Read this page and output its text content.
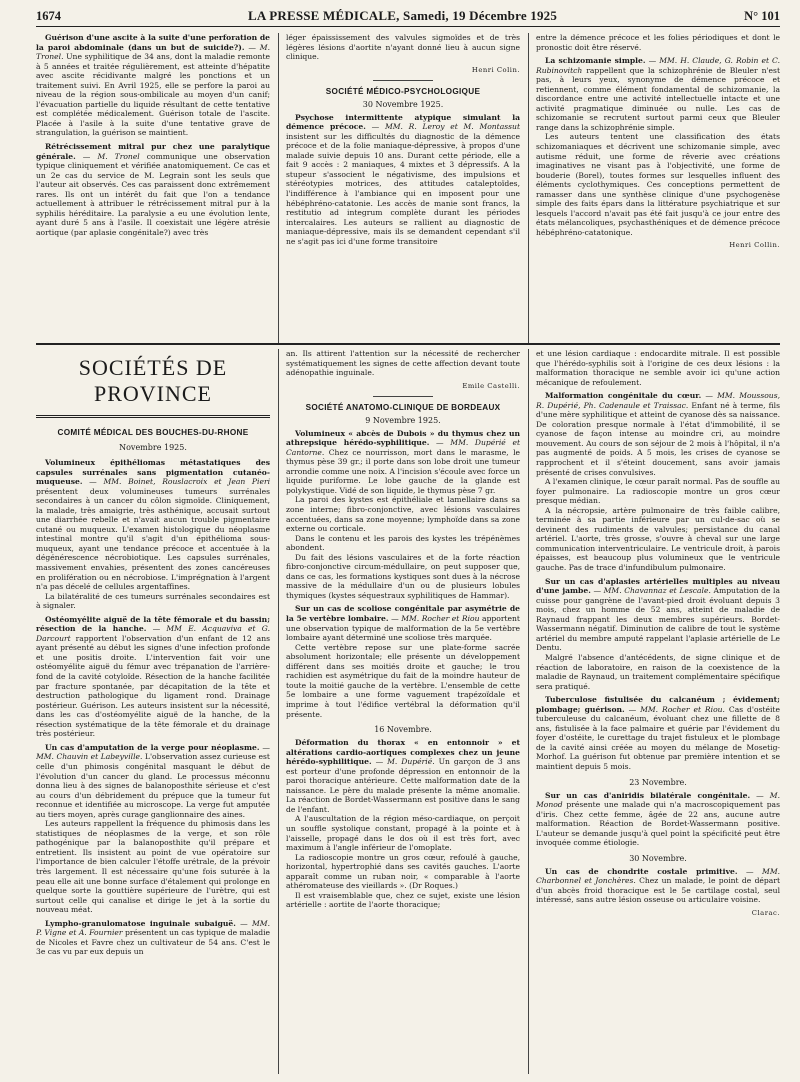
1674	LA PRESSE MÉDICALE, Samedi, 19 Décembre 1925	N° 101

Guérison d'une ascite à la suite d'une perforation de la paroi abdominale (dans un but de suicide?). — M. Tronel. Une syphilitique de 34 ans, dont la maladie remonte à 5 années et traitée régulièrement, est atteinte d'hépatite avec ascite récidivante malgré les ponctions et un traitement suivi. En Avril 1925, elle se perfore la paroi au niveau de la région sous-ombilicale au moyen d'un canif; l'évacuation partielle du liquide résultant de cette tentative est complétée médicalement. Guérison totale de l'ascite. Placée à l'asile à la suite d'une tentative grave de strangulation, la guérison se maintient.

Rétrécissement mitral pur chez une paralytique générale. — M. Tronel communique une observation typique cliniquement et vérifiée anatomiquement. Ce cas et un 2e cas du service de M. Legrain sont les seuls que l'auteur ait observés. Ces cas paraissent donc extrêmement rares. Ils ont un intérêt du fait que l'on a tendance actuellement à attribuer le rétrécissement mitral pur à la syphilis héréditaire. La paralysie a eu une évolution lente, ayant duré 5 ans à l'asile. Il coexistait une légère atrésie aortique (par aplasie congénitale?) avec très

léger épaississement des valvules sigmoïdes et de très légères lésions d'aortite n'ayant donné lieu à aucun signe clinique.

Henri Colin.
SOCIÉTÉ MÉDICO-PSYCHOLOGIQUE
30 Novembre 1925.

Psychose intermittente atypique simulant la démence précoce. — MM. R. Leroy et M. Montassut insistent sur les difficultés du diagnostic de la démence précoce et de la folie maniaque-dépressive, à propos d'une malade suivie depuis 10 ans. Durant cette période, elle a fait 9 accès : 2 maniaques, 4 mixtes et 3 dépressifs. A la stupeur s'associent le négativisme, des impulsions et stéréotypies motrices, des attitudes cataleptoïdes, l'indifférence à l'ambiance qui en imposent pour une hébéphréno-catatonie. Les accès de manie sont francs, la restitutio ad integrum complète durant les périodes intercalaires. Les auteurs se rallient au diagnostic de maniaque-dépressive, mais ils se demandent cependant s'il ne s'agit pas ici d'une forme transitoire

entre la démence précoce et les folies périodiques et dont le pronostic doit être réservé.

La schizomanie simple. — MM. H. Claude, G. Robin et C. Rubinovitch rappellent que la schizophrénie de Bleuler n'est pas, à leurs yeux, synonyme de démence précoce et retiennent, comme élément fondamental de schizomanie, la discordance entre une activité intellectuelle intacte et une activité pragmatique diminuée ou nulle. Les cas de schizomanie se recrutent surtout parmi ceux que Bleuler range dans la schizophrénie simple.

Les auteurs tentent une classification des états schizomaniaques et décrivent une schizomanie simple, avec autisme réduit, une forme de rêverie avec créations imaginatives ne visant pas à l'objectivité, une forme de bouderie (Borel), toutes formes sur lesquelles influent des éléments cyclothymiques. Ces conceptions permettent de ramasser dans une synthèse clinique d'une psychogenèse simple des faits épars dans la littérature psychiatrique et sur lesquels l'accord n'avait pas été fait jusqu'à ce jour entre des états mélancoliques, psychasthéniques et de démence précoce hébéphréno-catatonique.

Henri Collin.
SOCIÉTÉS DE PROVINCE
COMITÉ MÉDICAL DES BOUCHES-DU-RHONE
Novembre 1925.

Volumineux épithéliomas métastatiques des capsules surrénales sans pigmentation cutanéo-muqueuse. — MM. Boinet, Rouslacroix et Jean Pieri présentent deux volumineuses tumeurs surrénales secondaires à un cancer du côlon sigmoïde. Cliniquement, la malade, très amaigrie, très asthénique, accusait surtout une diarrhée rebelle et n'avait aucun trouble pigmentaire cutané ou muqueux. L'examen histologique du néoplasme intestinal montre qu'il s'agit d'un épithélioma sous-muqueux, ayant une tendance précoce et accentuée à la dégénérescence nécrobiotique. Les capsules surrénales, massivement envahies, présentent des zones cancéreuses en prolifération ou en nécrobiose. L'imprégnation à l'argent n'a pas décelé de cellules argentaffines.

La bilatéralité de ces tumeurs surrénales secondaires est à signaler.

Ostéomyélite aiguë de la tête fémorale et du bassin; résection de la hanche. — MM E. Acquaviva et G. Darcourt rapportent l'observation d'un enfant de 12 ans ayant présenté au début les signes d'une infection profonde et une positis droite. L'intervention fait voir une ostéomyélite aiguë du fémur avec trépanation de l'arrière-fond de la cavité cotyloïde. Résection de la hanche facilitée par fracture spontanée, par décapitation de la tête et destruction pathologique du ligament rond. Drainage postérieur. Guérison. Les auteurs insistent sur la nécessité, dans les cas d'ostéomyélite aiguë de la hanche, de la résection systématique de la tête fémorale et du drainage très postérieur.

Un cas d'amputation de la verge pour néoplasme. — MM. Chauvin et Labeyville. L'observation assez curieuse est celle d'un phimosis congénital masquant le début de l'évolution d'un cancer du gland. Le processus méconnu donna lieu à des signes de balanoposthite sérieuse et c'est au cours d'un débridement du prépuce que la tumeur fut reconnue et identifiée au microscope. La verge fut amputée au tiers moyen, après curage ganglionnaire des aines.

Les auteurs rappellent la fréquence du phimosis dans les statistiques de néoplasmes de la verge, et son rôle pathogénique par la balanoposthite qu'il prépare et entretient. Ils insistent au point de vue opératoire sur l'importance de bien calculer l'étoffe urétrale, de la prévoir très largement. Il est nécessaire qu'une fois suturée à la peau elle ait une bonne surface d'étalement qui prolonge en quelque sorte la gouttière supérieure de l'urètre, qui est surtout celle qui canalise et dirige le jet à la sortie du nouveau méat.

Lympho-granulomatose inguinale subaiguë. — MM. P. Vigne et A. Fournier présentent un cas typique de maladie de Nicoles et Favre chez un cultivateur de 54 ans. C'est le 3e cas vu par eux depuis un

an. Ils attirent l'attention sur la nécessité de rechercher systématiquement les signes de cette affection devant toute adénopathie inguinale.

Emile Castelli.
SOCIÉTÉ ANATOMO-CLINIQUE DE BORDEAUX
9 Novembre 1925.

Volumineux « abcès de Dubois » du thymus chez un athrepsique hérédo-syphilitique. — MM. Dupérié et Cantorne. Chez ce nourrisson, mort dans le marasme, le thymus pèse 39 gr.; il porte dans son lobe droit une tumeur arrondie comme une noix. A l'incision s'écoule avec force un liquide puriforme. Le lobe gauche de la glande est polykystique. Vidé de son liquide, le thymus pèse 7 gr.

La paroi des kystes est épithéliale et lamellaire dans sa zone interne; fibro-conjonctive, avec lésions vasculaires accentuées, dans sa zone moyenne; lymphoïde dans sa zone externe ou corticale.

Dans le contenu et les parois des kystes les trépénèmes abondent.

Du fait des lésions vasculaires et de la forte réaction fibro-conjonctive circum-médullaire, on peut supposer que, dans ce cas, les formations kystiques sont dues à la nécrose massive de la médullaire d'un ou de plusieurs lobules thymiques (kystes séquestraux syphilitiques de Hammar).

Sur un cas de scoliose congénitale par asymétrie de la 5e vertèbre lombaire. — MM. Rocher et Riou apportent une observation typique de malformation de la 5e vertèbre lombaire ayant déterminé une scoliose très marquée.

Cette vertèbre repose sur une plate-forme sacrée absolument horizontale; elle présente un développement différent dans ses moitiés droite et gauche; le trou rachidien est asymétrique du fait de la moindre hauteur de toute la moitié gauche de la vertèbre. L'ensemble de cette 5e lombaire a une forme vaguement trapézoïdale et imprime à tout l'édifice vertébral la déformation qu'il présente.

16 Novembre.

Déformation du thorax « en entonnoir » et altérations cardio-aortiques complexes chez un jeune hérédo-syphilitique. — M. Dupérié. Un garçon de 3 ans est porteur d'une profonde dépression en entonnoir de la paroi thoracique antérieure. Cette malformation date de la naissance. Le père du malade présente la même anomalie. La réaction de Bordet-Wassermann est positive dans le sang de l'enfant.

A l'auscultation de la région méso-cardiaque, on perçoit un souffle systolique constant, propagé à la pointe et à l'aisselle, propagé dans le dos où il est très fort, avec maximum à l'angle inférieur de l'omoplate.

La radioscopie montre un gros cœur, refoulé à gauche, horizontal, hypertrophié dans ses cavités gauches. L'aorte apparaît comme un ruban noir, « comparable à l'aorte athéromateuse des vieillards ». (Dr Roques.)

Il est vraisemblable que, chez ce sujet, existe une lésion artérielle : aortite de l'aorte thoracique;

et une lésion cardiaque : endocardite mitrale. Il est possible que l'hérédo-syphilis soit à l'origine de ces deux lésions : la malformation thoracique ne semble avoir ici qu'une action mécanique de refoulement.

Malformation congénitale du cœur. — MM. Moussous, R. Dupérié, Ph. Cadenaule et Traissac. Enfant né à terme, fils d'une mère syphilitique et atteint de cyanose dès sa naissance. De coloration presque normale à l'état d'immobilité, il se cyanose de façon intense au moindre cri, au moindre mouvement. Au cours de son séjour de 2 mois à l'hôpital, il n'a pas augmenté de poids. A 5 mois, les crises de cyanose se rapprochent et il s'éteint doucement, sans avoir jamais présenté de crises convulsives.

A l'examen clinique, le cœur paraît normal. Pas de souffle au foyer pulmonaire. La radioscopie montre un gros cœur presque médian.

A la nécropsie, artère pulmonaire de très faible calibre, terminée à sa partie inférieure par un cul-de-sac où se devinent des rudiments de valvules; persistance du canal artériel. L'aorte, très grosse, s'ouvre à cheval sur une large communication interventriculaire. Le ventricule droit, à parois épaisses, est beaucoup plus volumineux que le ventricule gauche. Pas de trace d'infundibulum pulmonaire.

Sur un cas d'aplasies artérielles multiples au niveau d'une jambe. — MM. Chavannaz et Lescale. Amputation de la cuisse pour gangrène de l'avant-pied droit évoluant depuis 3 mois, chez un homme de 52 ans, atteint de maladie de Raynaud frappant les deux membres supérieurs. Bordet-Wassermann négatif. Diminution de calibre de tout le système artériel du membre amputé rappelant l'aplasie artérielle de Le Dentu.

Malgré l'absence d'antécédents, de signe clinique et de réaction de laboratoire, en raison de la coexistence de la maladie de Raynaud, un traitement complémentaire spécifique sera pratiqué.

Tuberculose fistulisée du calcanéum ; évidement; plombage; guérison. — MM. Rocher et Riou. Cas d'ostéite tuberculeuse du calcanéum, évoluant chez une fillette de 8 ans, fistulisée à la face palmaire et guérie par l'évidement du foyer d'ostéite, le curettage du trajet fistuleux et le plombage de la cavité ainsi créée au moyen du mélange de Mosetig-Morhof. La guérison fut obtenue par première intention et se maintient depuis 5 mois.

23 Novembre.

Sur un cas d'aniridis bilatérale congénitale. — M. Monod présente une malade qui n'a macroscopiquement pas d'iris. Chez cette femme, âgée de 22 ans, aucune autre malformation. Réaction de Bordet-Wassermann positive. L'auteur se demande jusqu'à quel point la spécificité peut être invoquée comme étiologie.

30 Novembre.

Un cas de chondrite costale primitive. — MM. Charbonnel et Jonchères. Chez un malade, le point de départ d'un abcès froid thoracique est le 5e cartilage costal, seul intéressé, sans autre lésion osseuse ou articulaire voisine.

Clarac.
